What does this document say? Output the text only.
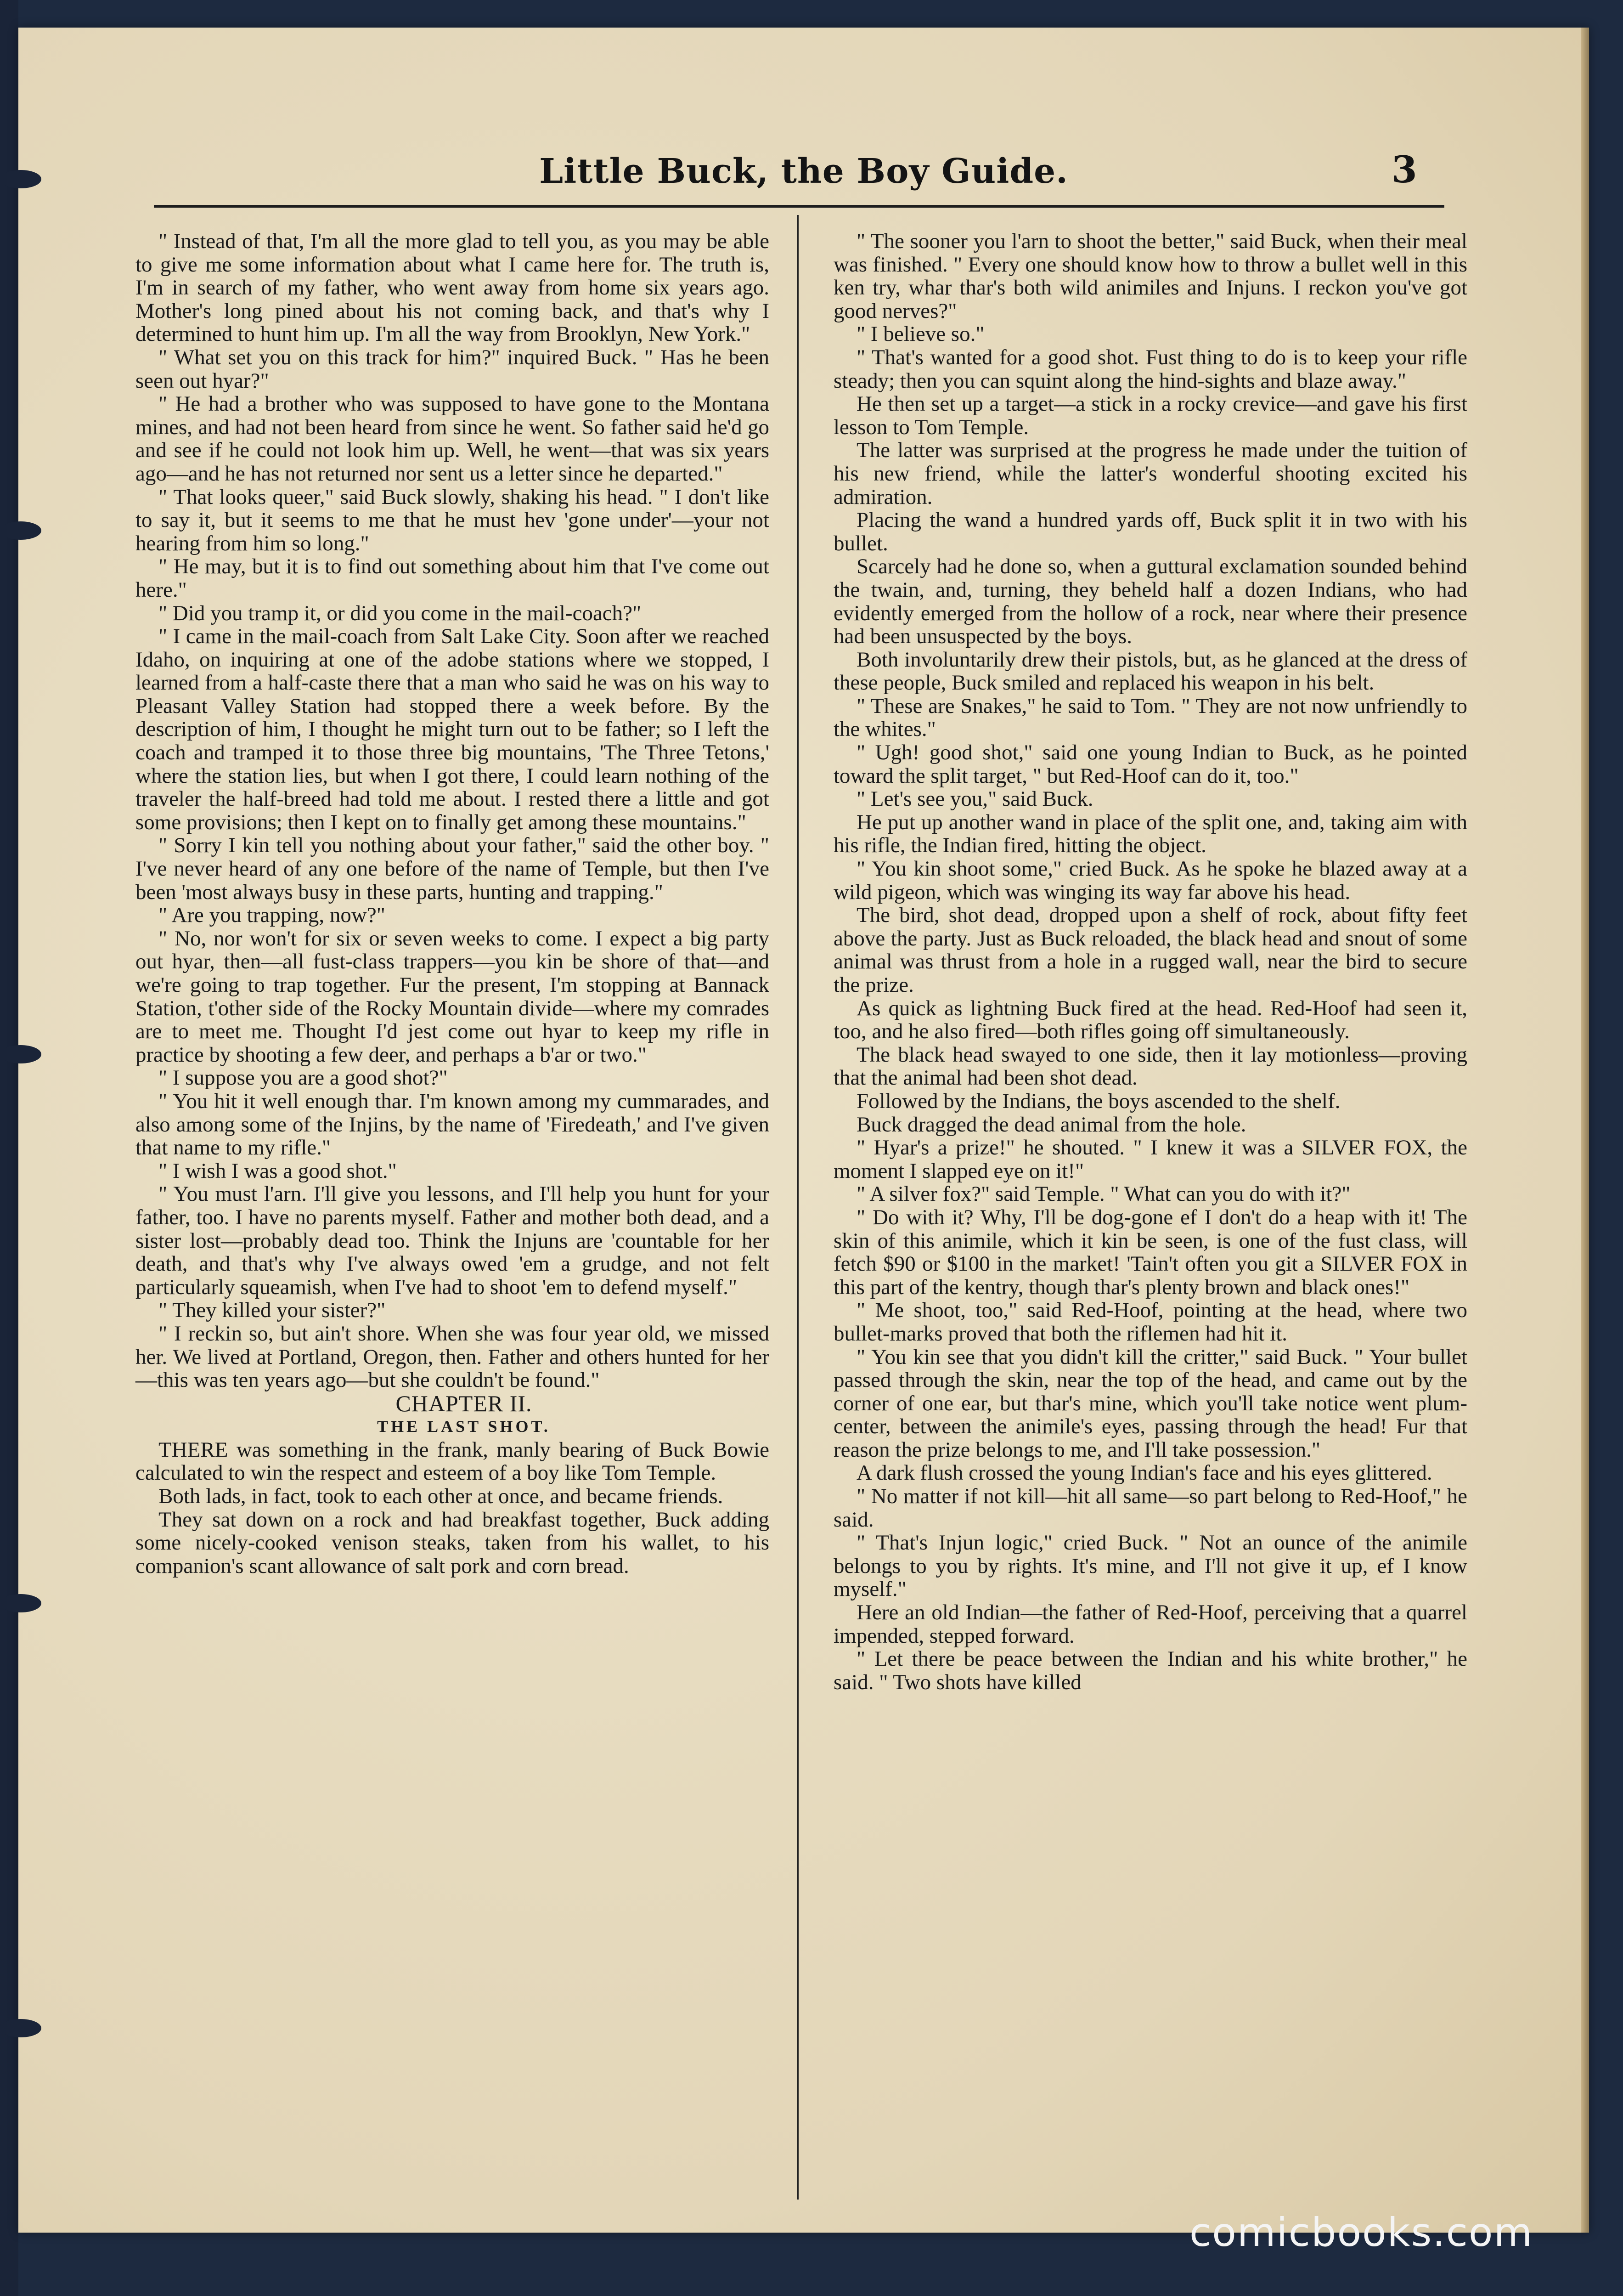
Little Buck, the Boy Guide.	3

" Instead of that, I'm all the more glad to tell you, as you may be able to give me some information about what I came here for. The truth is, I'm in search of my father, who went away from home six years ago. Mother's long pined about his not coming back, and that's why I determined to hunt him up. I'm all the way from Brooklyn, New York."

" What set you on this track for him?" inquired Buck. " Has he been seen out hyar?"

" He had a brother who was supposed to have gone to the Montana mines, and had not been heard from since he went. So father said he'd go and see if he could not look him up. Well, he went—that was six years ago—and he has not returned nor sent us a letter since he departed."

" That looks queer," said Buck slowly, shaking his head. " I don't like to say it, but it seems to me that he must hev 'gone under'—your not hearing from him so long."

" He may, but it is to find out something about him that I've come out here."

" Did you tramp it, or did you come in the mail-coach?"

" I came in the mail-coach from Salt Lake City. Soon after we reached Idaho, on inquiring at one of the adobe stations where we stopped, I learned from a half-caste there that a man who said he was on his way to Pleasant Valley Station had stopped there a week before. By the description of him, I thought he might turn out to be father; so I left the coach and tramped it to those three big mountains, 'The Three Tetons,' where the station lies, but when I got there, I could learn nothing of the traveler the half-breed had told me about. I rested there a little and got some provisions; then I kept on to finally get among these mountains."

" Sorry I kin tell you nothing about your father," said the other boy. " I've never heard of any one before of the name of Temple, but then I've been 'most always busy in these parts, hunting and trapping."

" Are you trapping, now?"

" No, nor won't for six or seven weeks to come. I expect a big party out hyar, then—all fust-class trappers—you kin be shore of that—and we're going to trap together. Fur the present, I'm stopping at Bannack Station, t'other side of the Rocky Mountain divide—where my comrades are to meet me. Thought I'd jest come out hyar to keep my rifle in practice by shooting a few deer, and perhaps a b'ar or two."

" I suppose you are a good shot?"

" You hit it well enough thar. I'm known among my cummarades, and also among some of the Injins, by the name of 'Firedeath,' and I've given that name to my rifle."

" I wish I was a good shot."

" You must l'arn. I'll give you lessons, and I'll help you hunt for your father, too. I have no parents myself. Father and mother both dead, and a sister lost—probably dead too. Think the Injuns are 'countable for her death, and that's why I've always owed 'em a grudge, and not felt particularly squeamish, when I've had to shoot 'em to defend myself."

" They killed your sister?"

" I reckin so, but ain't shore. When she was four year old, we missed her. We lived at Portland, Oregon, then. Father and others hunted for her—this was ten years ago—but she couldn't be found."

CHAPTER II.

THE LAST SHOT.

THERE was something in the frank, manly bearing of Buck Bowie calculated to win the respect and esteem of a boy like Tom Temple.

Both lads, in fact, took to each other at once, and became friends.

They sat down on a rock and had breakfast together, Buck adding some nicely-cooked venison steaks, taken from his wallet, to his companion's scant allowance of salt pork and corn bread.

" The sooner you l'arn to shoot the better," said Buck, when their meal was finished. " Every one should know how to throw a bullet well in this ken try, whar thar's both wild animiles and Injuns. I reckon you've got good nerves?"

" I believe so."

" That's wanted for a good shot. Fust thing to do is to keep your rifle steady; then you can squint along the hind-sights and blaze away."

He then set up a target—a stick in a rocky crevice—and gave his first lesson to Tom Temple.

The latter was surprised at the progress he made under the tuition of his new friend, while the latter's wonderful shooting excited his admiration.

Placing the wand a hundred yards off, Buck split it in two with his bullet.

Scarcely had he done so, when a guttural exclamation sounded behind the twain, and, turning, they beheld half a dozen Indians, who had evidently emerged from the hollow of a rock, near where their presence had been unsuspected by the boys.

Both involuntarily drew their pistols, but, as he glanced at the dress of these people, Buck smiled and replaced his weapon in his belt.

" These are Snakes," he said to Tom. " They are not now unfriendly to the whites."

" Ugh! good shot," said one young Indian to Buck, as he pointed toward the split target, " but Red-Hoof can do it, too."

" Let's see you," said Buck.

He put up another wand in place of the split one, and, taking aim with his rifle, the Indian fired, hitting the object.

" You kin shoot some," cried Buck. As he spoke he blazed away at a wild pigeon, which was winging its way far above his head.

The bird, shot dead, dropped upon a shelf of rock, about fifty feet above the party. Just as Buck reloaded, the black head and snout of some animal was thrust from a hole in a rugged wall, near the bird to secure the prize.

As quick as lightning Buck fired at the head. Red-Hoof had seen it, too, and he also fired—both rifles going off simultaneously.

The black head swayed to one side, then it lay motionless—proving that the animal had been shot dead.

Followed by the Indians, the boys ascended to the shelf.

Buck dragged the dead animal from the hole.

" Hyar's a prize!" he shouted. " I knew it was a SILVER FOX, the moment I slapped eye on it!"

" A silver fox?" said Temple. " What can you do with it?"

" Do with it? Why, I'll be dog-gone ef I don't do a heap with it! The skin of this animile, which it kin be seen, is one of the fust class, will fetch $90 or $100 in the market! 'Tain't often you git a SILVER FOX in this part of the kentry, though thar's plenty brown and black ones!"

" Me shoot, too," said Red-Hoof, pointing at the head, where two bullet-marks proved that both the riflemen had hit it.

" You kin see that you didn't kill the critter," said Buck. " Your bullet passed through the skin, near the top of the head, and came out by the corner of one ear, but thar's mine, which you'll take notice went plum-center, between the animile's eyes, passing through the head! Fur that reason the prize belongs to me, and I'll take possession."

A dark flush crossed the young Indian's face and his eyes glittered.

" No matter if not kill—hit all same—so part belong to Red-Hoof," he said.

" That's Injun logic," cried Buck. " Not an ounce of the animile belongs to you by rights. It's mine, and I'll not give it up, ef I know myself."

Here an old Indian—the father of Red-Hoof, perceiving that a quarrel impended, stepped forward.

" Let there be peace between the Indian and his white brother," he said. " Two shots have killed

comicbooks.com
